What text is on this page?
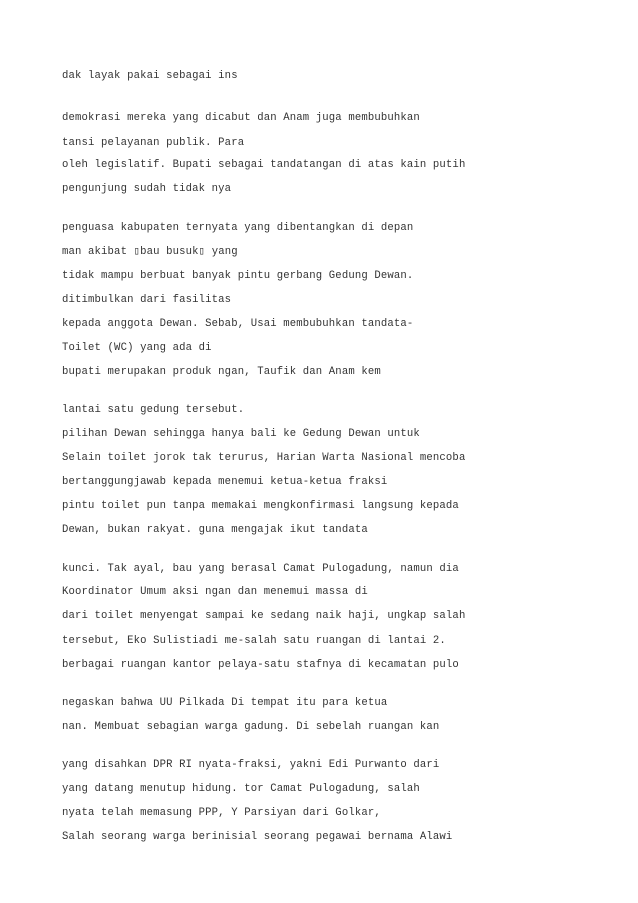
dak layak pakai sebagai ins

demokrasi mereka yang dicabut dan Anam juga membubuhkan

tansi pelayanan publik. Para

oleh legislatif. Bupati sebagai tandatangan di atas kain putih

pengunjung sudah tidak nya

penguasa kabupaten ternyata yang dibentangkan di depan

man akibat ▯bau busuk▯ yang

tidak mampu berbuat banyak pintu gerbang Gedung Dewan.

ditimbulkan dari fasilitas

kepada anggota Dewan. Sebab, Usai membubuhkan tandata-

Toilet (WC) yang ada di

bupati merupakan produk ngan, Taufik dan Anam kem

lantai satu gedung tersebut.

pilihan Dewan sehingga hanya bali ke Gedung Dewan untuk

Selain toilet jorok tak terurus, Harian Warta Nasional mencoba

bertanggungjawab kepada menemui ketua-ketua fraksi

pintu toilet pun tanpa memakai mengkonfirmasi langsung kepada

Dewan, bukan rakyat. guna mengajak ikut tandata

kunci. Tak ayal, bau yang berasal Camat Pulogadung, namun dia

Koordinator Umum aksi ngan dan menemui massa di

dari toilet menyengat sampai ke sedang naik haji, ungkap salah

tersebut, Eko Sulistiadi me-salah satu ruangan di lantai 2.

berbagai ruangan kantor pelaya-satu stafnya di kecamatan pulo

negaskan bahwa UU Pilkada Di tempat itu para ketua

nan. Membuat sebagian warga gadung. Di sebelah ruangan kan

yang disahkan DPR RI nyata-fraksi, yakni Edi Purwanto dari

yang datang menutup hidung. tor Camat Pulogadung, salah

nyata telah memasung PPP, Y Parsiyan dari Golkar,

Salah seorang warga berinisial seorang pegawai bernama Alawi
